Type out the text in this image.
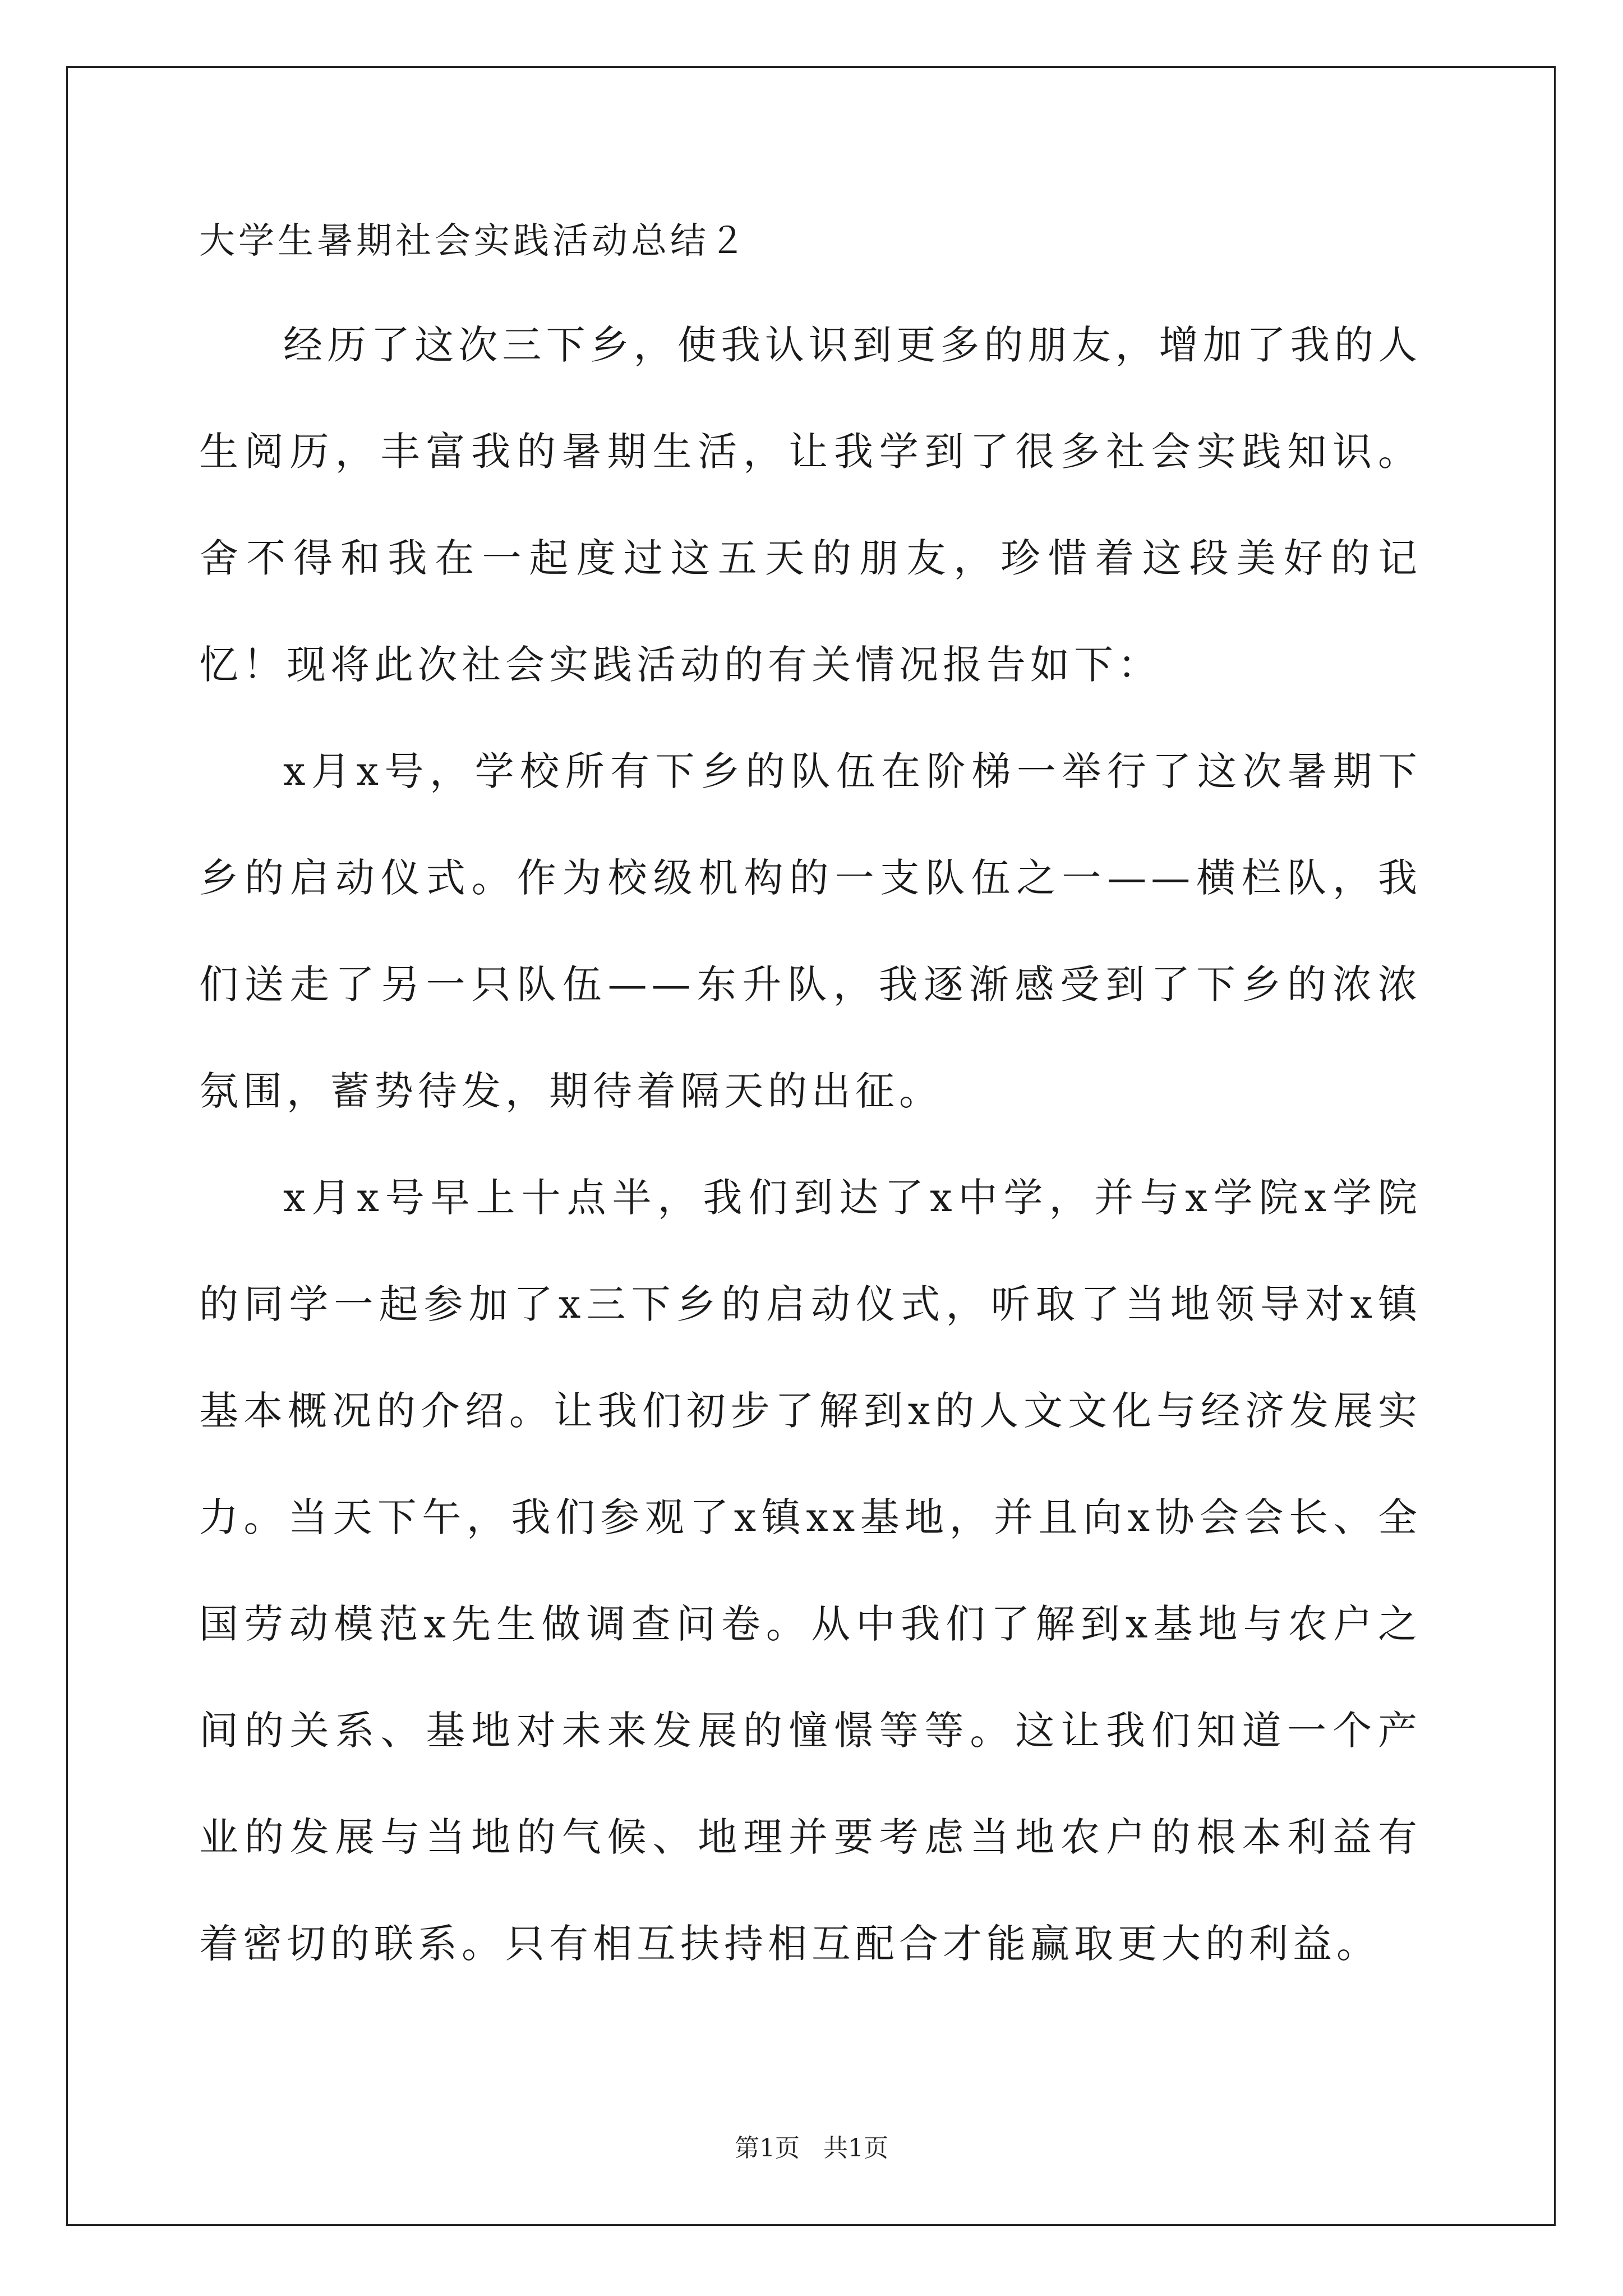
大学生暑期社会实践活动总结２

经历了这次三下乡，使我认识到更多的朋友，增加了我的人生阅历，丰富我的暑期生活，让我学到了很多社会实践知识。舍不得和我在一起度过这五天的朋友，珍惜着这段美好的记忆！现将此次社会实践活动的有关情况报告如下：

x月x号，学校所有下乡的队伍在阶梯一举行了这次暑期下乡的启动仪式。作为校级机构的一支队伍之一——横栏队，我们送走了另一只队伍——东升队，我逐渐感受到了下乡的浓浓氛围，蓄势待发，期待着隔天的出征。

x月x号早上十点半，我们到达了x中学，并与x学院x学院的同学一起参加了x三下乡的启动仪式，听取了当地领导对x镇基本概况的介绍。让我们初步了解到x的人文文化与经济发展实力。当天下午，我们参观了x镇xx基地，并且向x协会会长、全国劳动模范x先生做调查问卷。从中我们了解到x基地与农户之间的关系、基地对未来发展的憧憬等等。这让我们知道一个产业的发展与当地的气候、地理并要考虑当地农户的根本利益有着密切的联系。只有相互扶持相互配合才能赢取更大的利益。

第1页 共1页
